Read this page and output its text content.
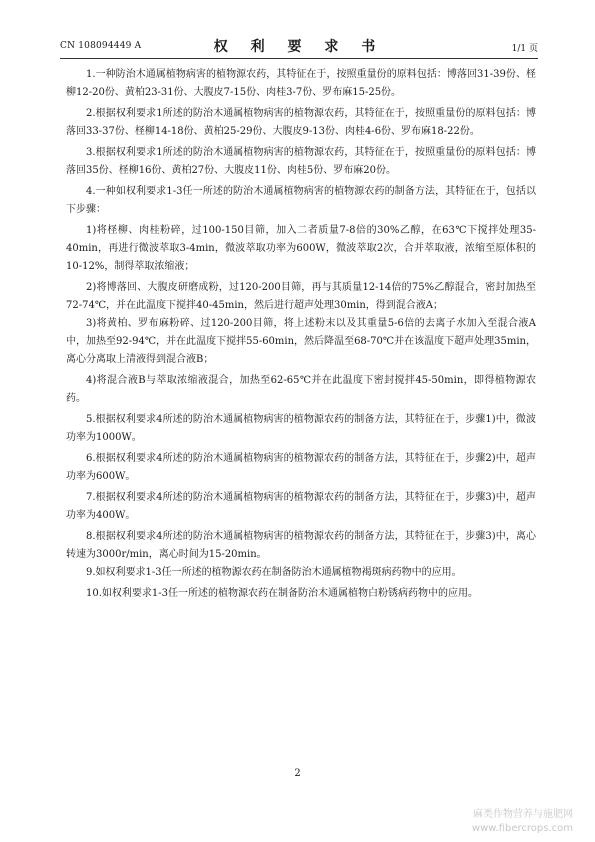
CN 108094449 A	权 利 要 求 书	1/1 页

1.一种防治木通属植物病害的植物源农药，其特征在于，按照重量份的原料包括：博落回31-39份、柽柳12-20份、黄柏23-31份、大腹皮7-15份、肉桂3-7份、罗布麻15-25份。

2.根据权利要求1所述的防治木通属植物病害的植物源农药，其特征在于，按照重量份的原料包括：博落回33-37份、柽柳14-18份、黄柏25-29份、大腹皮9-13份、肉桂4-6份、罗布麻18-22份。

3.根据权利要求1所述的防治木通属植物病害的植物源农药，其特征在于，按照重量份的原料包括：博落回35份、柽柳16份、黄柏27份、大腹皮11份、肉桂5份、罗布麻20份。

4.一种如权利要求1-3任一所述的防治木通属植物病害的植物源农药的制备方法，其特征在于，包括以下步骤：

1)将柽柳、肉桂粉碎，过100-150目筛，加入二者质量7-8倍的30%乙醇，在63℃下搅拌处理35-40min，再进行微波萃取3-4min，微波萃取功率为600W，微波萃取2次，合并萃取液，浓缩至原体积的10-12%，制得萃取浓缩液；

2)将博落回、大腹皮研磨成粉，过120-200目筛，再与其质量12-14倍的75%乙醇混合，密封加热至72-74℃，并在此温度下搅拌40-45min，然后进行超声处理30min，得到混合液A；

3)将黄柏、罗布麻粉碎、过120-200目筛，将上述粉末以及其重量5-6倍的去离子水加入至混合液A中，加热至92-94℃，并在此温度下搅拌55-60min，然后降温至68-70℃并在该温度下超声处理35min，离心分离取上清液得到混合液B；

4)将混合液B与萃取浓缩液混合，加热至62-65℃并在此温度下密封搅拌45-50min，即得植物源农药。

5.根据权利要求4所述的防治木通属植物病害的植物源农药的制备方法，其特征在于，步骤1)中，微波功率为1000W。

6.根据权利要求4所述的防治木通属植物病害的植物源农药的制备方法，其特征在于，步骤2)中，超声功率为600W。

7.根据权利要求4所述的防治木通属植物病害的植物源农药的制备方法，其特征在于，步骤3)中，超声功率为400W。

8.根据权利要求4所述的防治木通属植物病害的植物源农药的制备方法，其特征在于，步骤3)中，离心转速为3000r/min，离心时间为15-20min。

9.如权利要求1-3任一所述的植物源农药在制备防治木通属植物褐斑病药物中的应用。

10.如权利要求1-3任一所述的植物源农药在制备防治木通属植物白粉锈病药物中的应用。

2
麻类作物营养与施肥网
www.fibercrops.com
